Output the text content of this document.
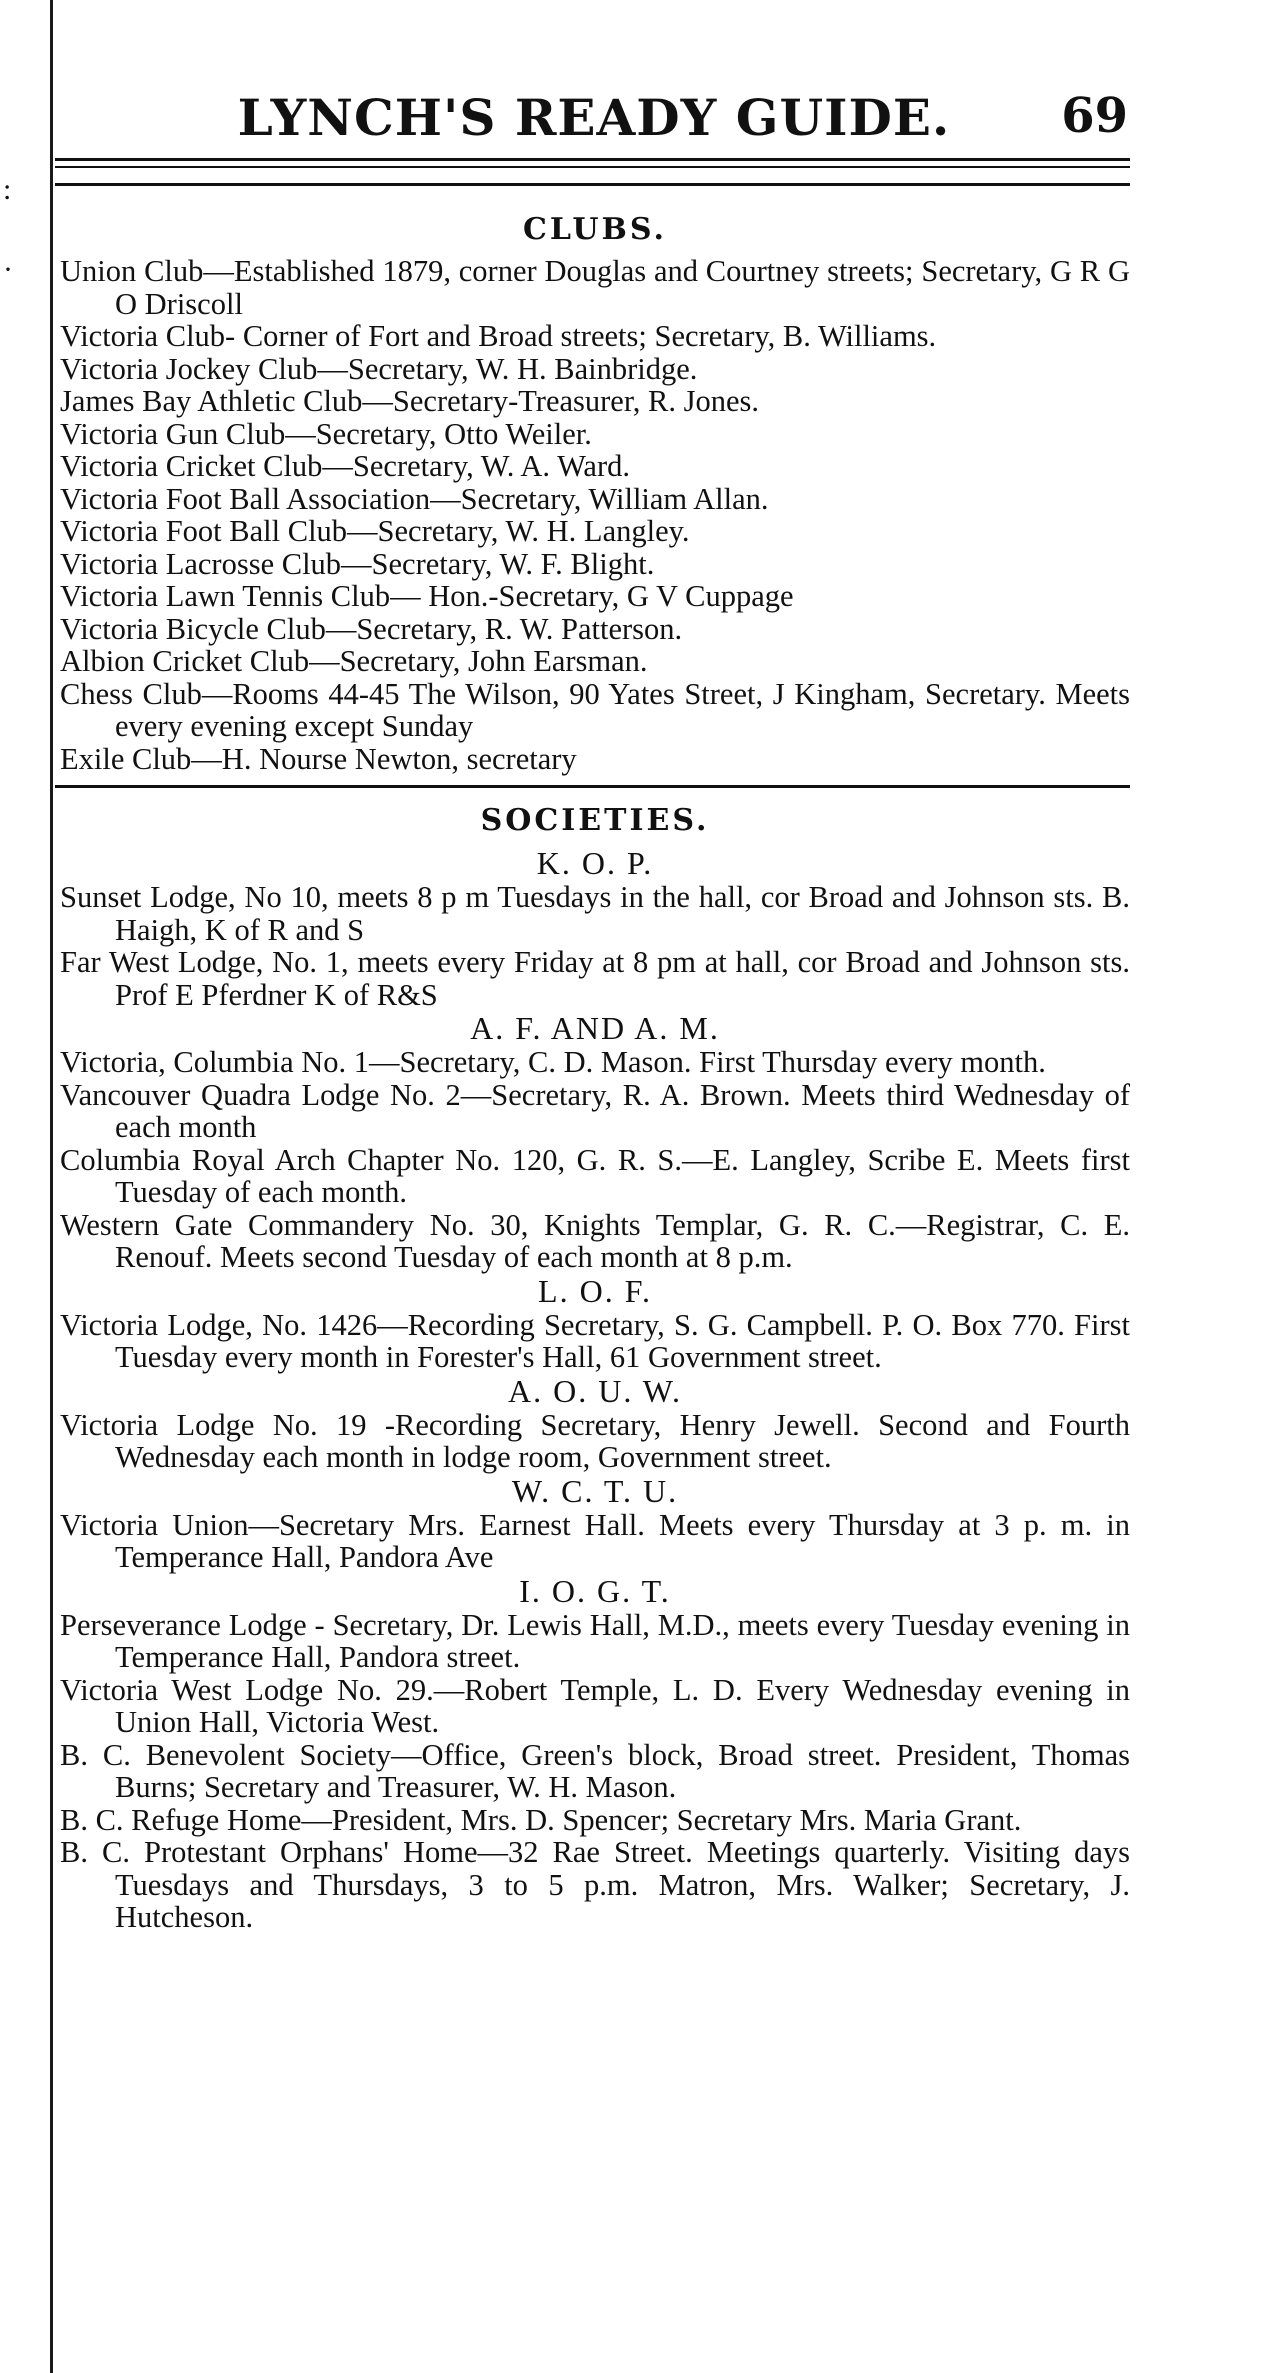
:
·
LYNCH'S READY GUIDE.	69
CLUBS.
Union Club—Established 1879, corner Douglas and Courtney streets; Secretary, G R G O Driscoll
Victoria Club- Corner of Fort and Broad streets; Secretary, B. Williams.
Victoria Jockey Club—Secretary, W. H. Bainbridge.
James Bay Athletic Club—Secretary-Treasurer, R. Jones.
Victoria Gun Club—Secretary, Otto Weiler.
Victoria Cricket Club—Secretary, W. A. Ward.
Victoria Foot Ball Association—Secretary, William Allan.
Victoria Foot Ball Club—Secretary, W. H. Langley.
Victoria Lacrosse Club—Secretary, W. F. Blight.
Victoria Lawn Tennis Club— Hon.-Secretary, G V Cuppage
Victoria Bicycle Club—Secretary, R. W. Patterson.
Albion Cricket Club—Secretary, John Earsman.
Chess Club—Rooms 44-45 The Wilson, 90 Yates Street, J Kingham, Secretary. Meets every evening except Sunday
Exile Club—H. Nourse Newton, secretary
SOCIETIES.
K. O. P.
Sunset Lodge, No 10, meets 8 p m Tuesdays in the hall, cor Broad and Johnson sts. B. Haigh, K of R and S
Far West Lodge, No. 1, meets every Friday at 8 pm at hall, cor Broad and Johnson sts. Prof E Pferdner K of R&S
A. F. AND A. M.
Victoria, Columbia No. 1—Secretary, C. D. Mason. First Thursday every month.
Vancouver Quadra Lodge No. 2—Secretary, R. A. Brown. Meets third Wednesday of each month
Columbia Royal Arch Chapter No. 120, G. R. S.—E. Langley, Scribe E. Meets first Tuesday of each month.
Western Gate Commandery No. 30, Knights Templar, G. R. C.—Registrar, C. E. Renouf. Meets second Tuesday of each month at 8 p.m.
L. O. F.
Victoria Lodge, No. 1426—Recording Secretary, S. G. Campbell. P. O. Box 770. First Tuesday every month in Forester's Hall, 61 Government street.
A. O. U. W.
Victoria Lodge No. 19 -Recording Secretary, Henry Jewell. Second and Fourth Wednesday each month in lodge room, Government street.
W. C. T. U.
Victoria Union—Secretary Mrs. Earnest Hall. Meets every Thursday at 3 p. m. in Temperance Hall, Pandora Ave
I. O. G. T.
Perseverance Lodge - Secretary, Dr. Lewis Hall, M.D., meets every Tuesday evening in Temperance Hall, Pandora street.
Victoria West Lodge No. 29.—Robert Temple, L. D. Every Wednesday evening in Union Hall, Victoria West.
B. C. Benevolent Society—Office, Green's block, Broad street. President, Thomas Burns; Secretary and Treasurer, W. H. Mason.
B. C. Refuge Home—President, Mrs. D. Spencer; Secretary Mrs. Maria Grant.
B. C. Protestant Orphans' Home—32 Rae Street. Meetings quarterly. Visiting days Tuesdays and Thursdays, 3 to 5 p.m. Matron, Mrs. Walker; Secretary, J. Hutcheson.
